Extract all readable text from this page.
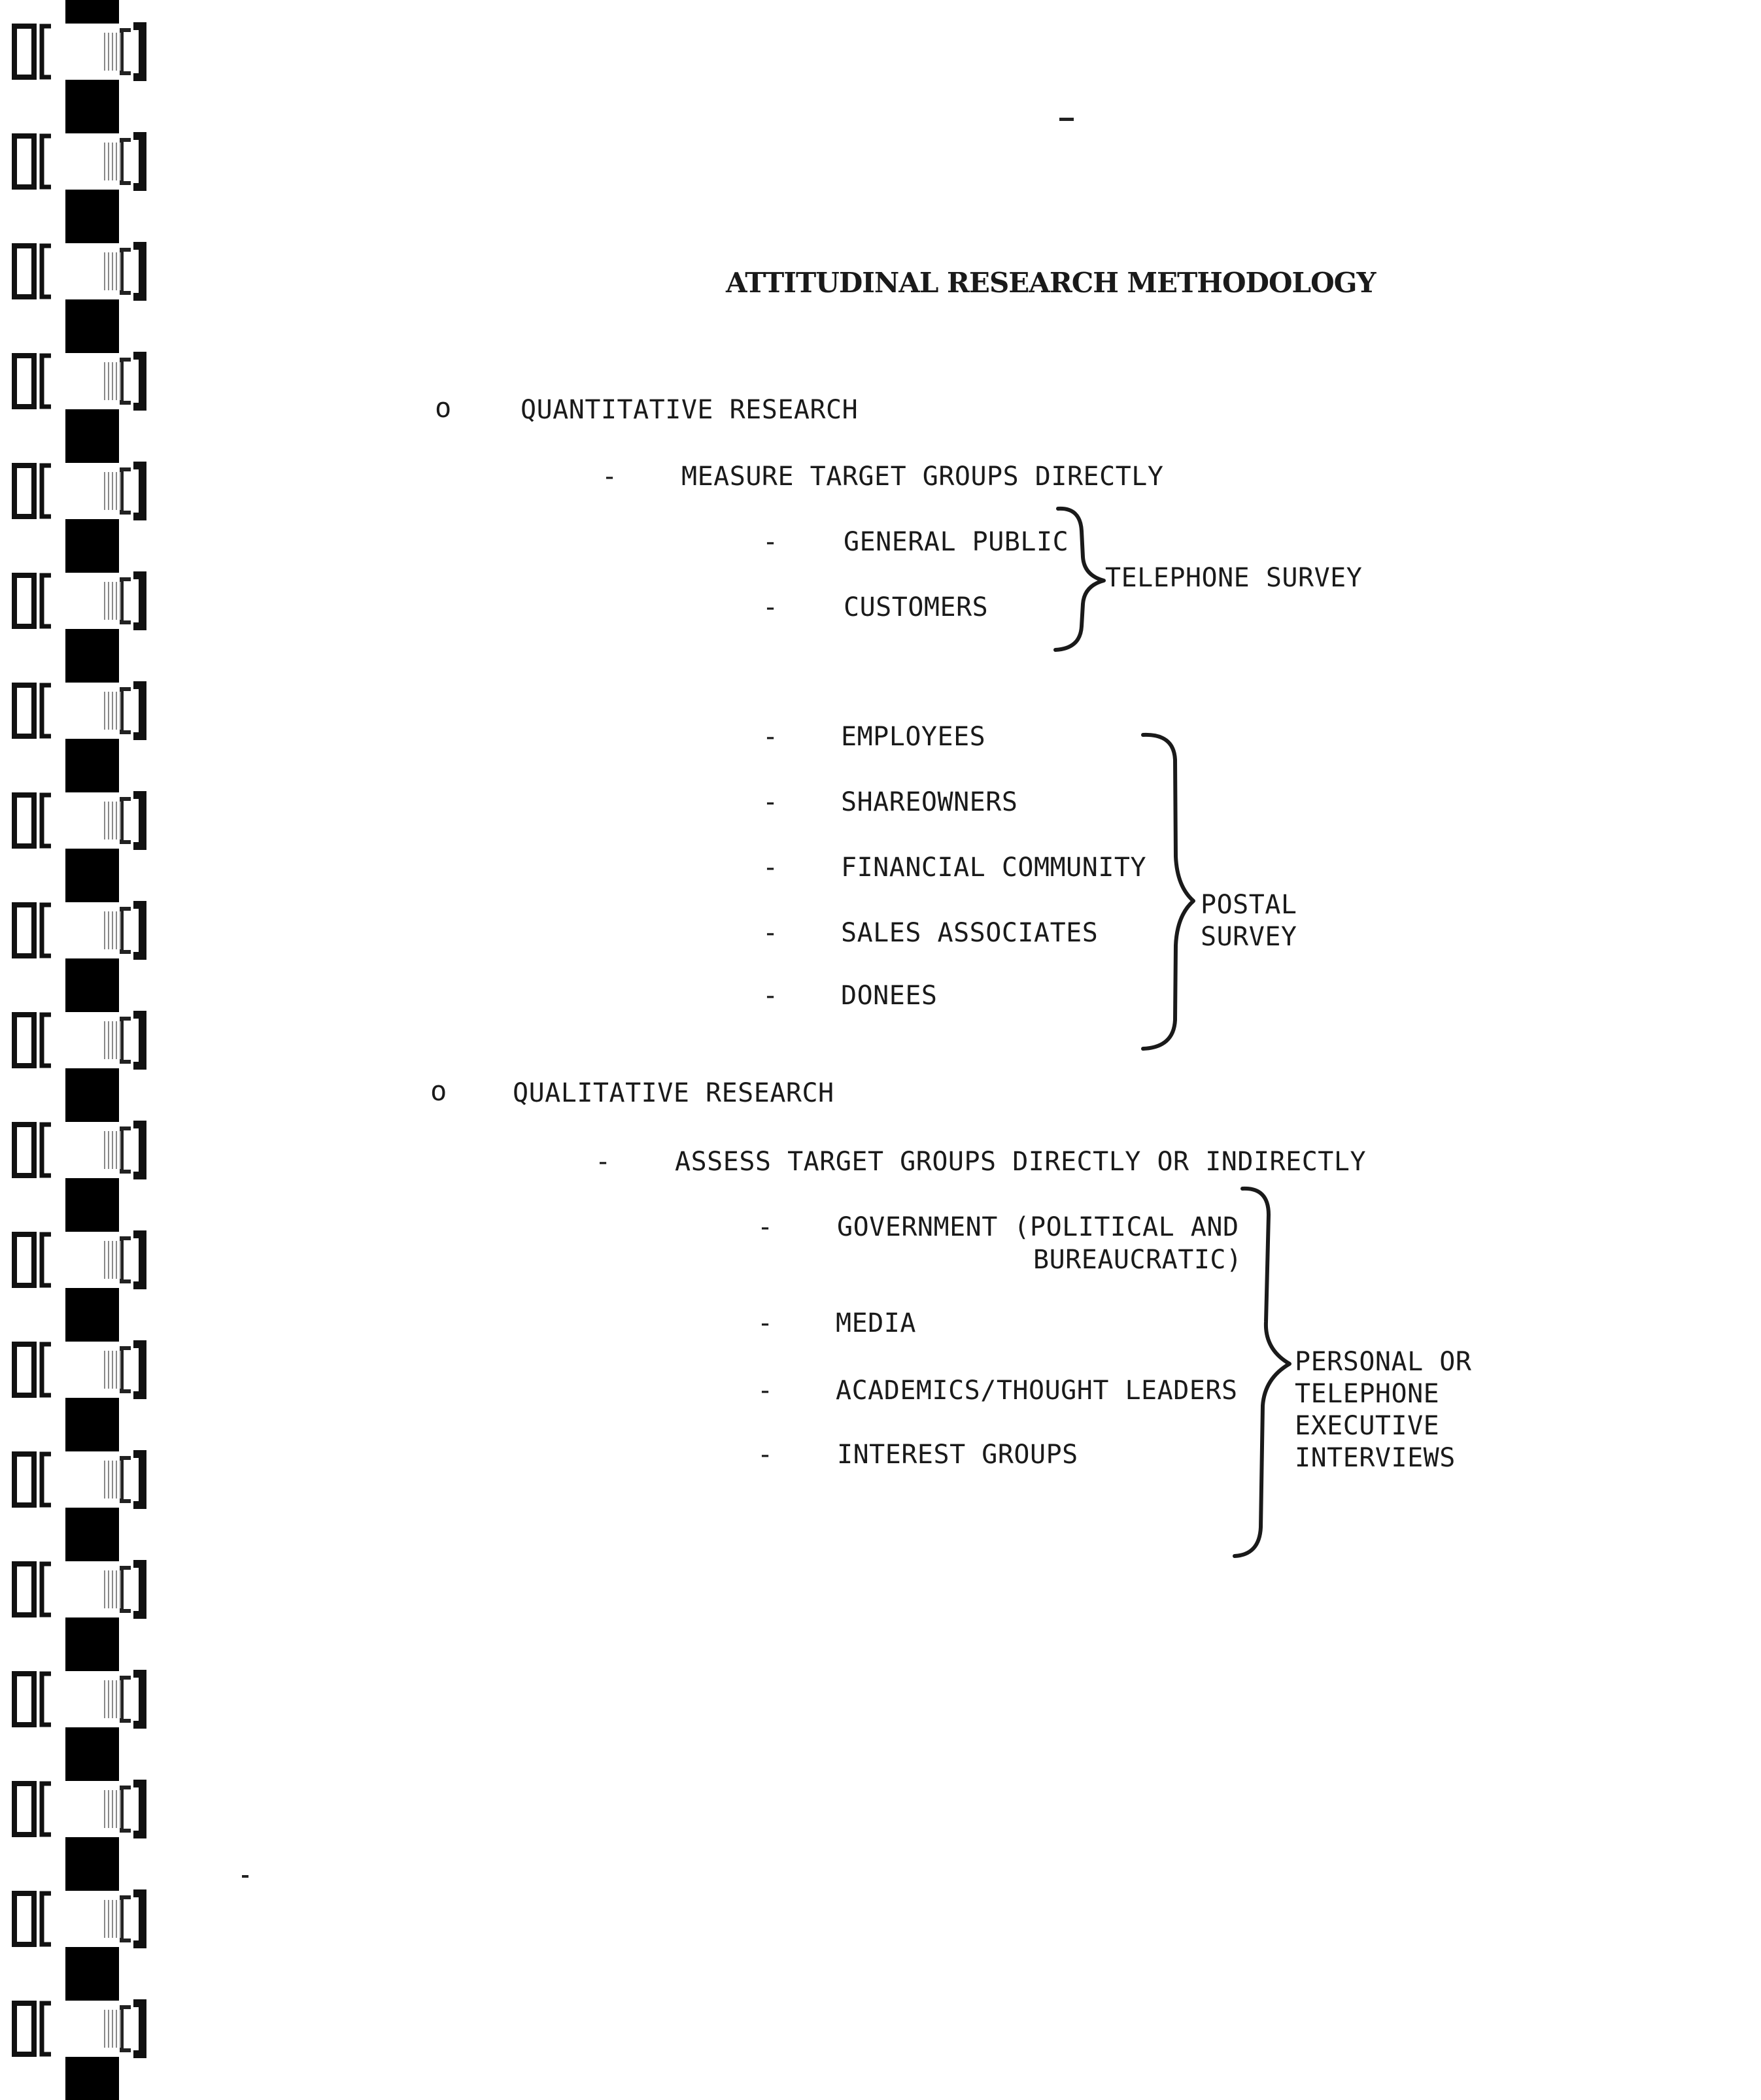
ATTITUDINAL RESEARCH METHODOLOGY
o	QUANTITATIVE RESEARCH
- MEASURE TARGET GROUPS DIRECTLY
- GENERAL PUBLIC
- CUSTOMERS
TELEPHONE SURVEY
- EMPLOYEES
- SHAREOWNERS
- FINANCIAL COMMUNITY
- SALES ASSOCIATES
- DONEES
POSTAL
SURVEY
o	QUALITATIVE RESEARCH
- ASSESS TARGET GROUPS DIRECTLY OR INDIRECTLY
- GOVERNMENT (POLITICAL AND
BUREAUCRATIC)
- MEDIA
- ACADEMICS/THOUGHT LEADERS
- INTEREST GROUPS
PERSONAL OR
TELEPHONE
EXECUTIVE
INTERVIEWS
